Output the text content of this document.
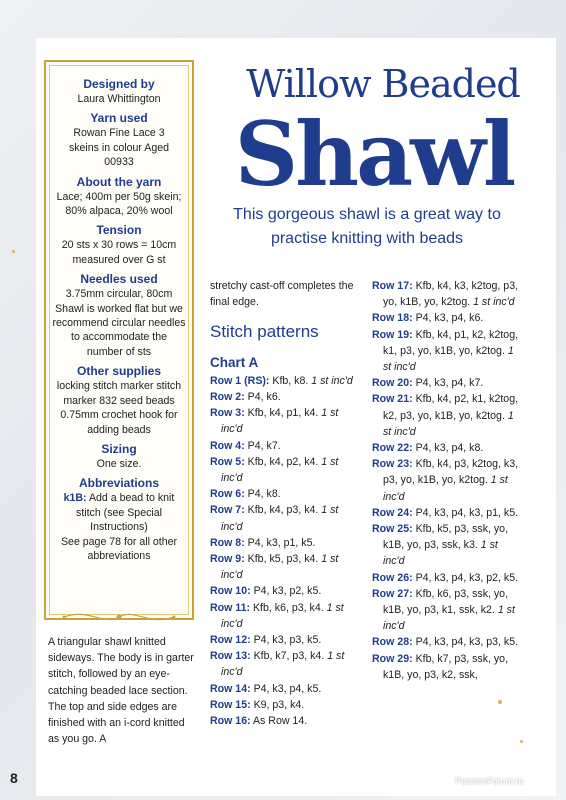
Designed by
Laura Whittington
Yarn used
Rowan Fine Lace 3 skeins in colour Aged 00933
About the yarn
Lace; 400m per 50g skein; 80% alpaca, 20% wool
Tension
20 sts x 30 rows = 10cm measured over G st
Needles used
3.75mm circular, 80cm Shawl is worked flat but we recommend circular needles to accommodate the number of sts
Other supplies
locking stitch marker stitch marker 832 seed beads 0.75mm crochet hook for adding beads
Sizing
One size.
Abbreviations
k1B: Add a bead to knit stitch (see Special Instructions)
See page 78 for all other abbreviations
A triangular shawl knitted sideways. The body is in garter stitch, followed by an eye-catching beaded lace section. The top and side edges are finished with an i-cord knitted as you go. A
Willow Beaded
Shawl
This gorgeous shawl is a great way to practise knitting with beads
stretchy cast-off completes the final edge.
Stitch patterns
Chart A
Row 1 (RS): Kfb, k8. 1 st inc'd
Row 2: P4, k6.
Row 3: Kfb, k4, p1, k4. 1 st inc'd
Row 4: P4, k7.
Row 5: Kfb, k4, p2, k4. 1 st inc'd
Row 6: P4, k8.
Row 7: Kfb, k4, p3, k4. 1 st inc'd
Row 8: P4, k3, p1, k5.
Row 9: Kfb, k5, p3, k4. 1 st inc'd
Row 10: P4, k3, p2, k5.
Row 11: Kfb, k6, p3, k4. 1 st inc'd
Row 12: P4, k3, p3, k5.
Row 13: Kfb, k7, p3, k4. 1 st inc'd
Row 14: P4, k3, p4, k5.
Row 15: K9, p3, k4.
Row 16: As Row 14.
Row 17: Kfb, k4, k3, k2tog, p3, yo, k1B, yo, k2tog. 1 st inc'd
Row 18: P4, k3, p4, k6.
Row 19: Kfb, k4, p1, k2, k2tog, k1, p3, yo, k1B, yo, k2tog. 1 st inc'd
Row 20: P4, k3, p4, k7.
Row 21: Kfb, k4, p2, k1, k2tog, k2, p3, yo, k1B, yo, k2tog. 1 st inc'd
Row 22: P4, k3, p4, k8.
Row 23: Kfb, k4, p3, k2tog, k3, p3, yo, k1B, yo, k2tog. 1 st inc'd
Row 24: P4, k3, p4, k3, p1, k5.
Row 25: Kfb, k5, p3, ssk, yo, k1B, yo, p3, ssk, k3. 1 st inc'd
Row 26: P4, k3, p4, k3, p2, k5.
Row 27: Kfb, k6, p3, ssk, yo, k1B, yo, p3, k1, ssk, k2. 1 st inc'd
Row 28: P4, k3, p4, k3, p3, k5.
Row 29: Kfb, k7, p3, ssk, yo, k1B, yo, p3, k2, ssk,
8	PassionForum.ru
